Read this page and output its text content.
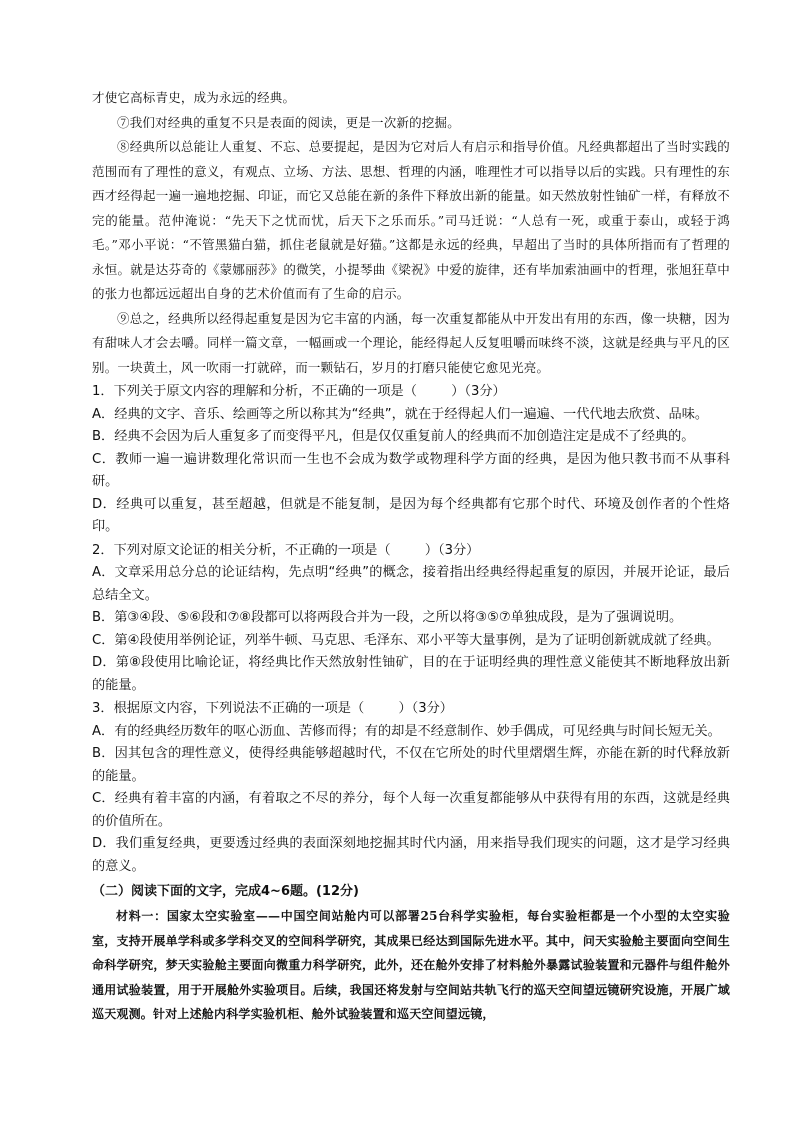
才使它高标青史，成为永远的经典。

⑦我们对经典的重复不只是表面的阅读，更是一次新的挖掘。

⑧经典所以总能让人重复、不忘、总要提起，是因为它对后人有启示和指导价值。凡经典都超出了当时实践的范围而有了理性的意义，有观点、立场、方法、思想、哲理的内涵，唯理性才可以指导以后的实践。只有理性的东西才经得起一遍一遍地挖掘、印证，而它又总能在新的条件下释放出新的能量。如天然放射性铀矿一样，有释放不完的能量。范仲淹说：“先天下之忧而忧，后天下之乐而乐。”司马迁说：“人总有一死，或重于泰山，或轻于鸿毛。”邓小平说：“不管黑猫白猫，抓住老鼠就是好猫。”这都是永远的经典，早超出了当时的具体所指而有了哲理的永恒。就是达芬奇的《蒙娜丽莎》的微笑，小提琴曲《梁祝》中爱的旋律，还有毕加索油画中的哲理，张旭狂草中的张力也都远远超出自身的艺术价值而有了生命的启示。

⑨总之，经典所以经得起重复是因为它丰富的内涵，每一次重复都能从中开发出有用的东西，像一块糖，因为有甜味人才会去嚼。同样一篇文章，一幅画或一个理论，能经得起人反复咀嚼而味终不淡，这就是经典与平凡的区别。一块黄土，风一吹雨一打就碎，而一颗钻石，岁月的打磨只能使它愈见光亮。

1．下列关于原文内容的理解和分析，不正确的一项是（	）（3分）

A．经典的文字、音乐、绘画等之所以称其为“经典”，就在于经得起人们一遍遍、一代代地去欣赏、品味。

B．经典不会因为后人重复多了而变得平凡，但是仅仅重复前人的经典而不加创造注定是成不了经典的。

C．教师一遍一遍讲数理化常识而一生也不会成为数学或物理科学方面的经典，是因为他只教书而不从事科研。

D．经典可以重复，甚至超越，但就是不能复制，是因为每个经典都有它那个时代、环境及创作者的个性烙印。

2．下列对原文论证的相关分析，不正确的一项是（	）（3分）

A．文章采用总分总的论证结构，先点明“经典”的概念，接着指出经典经得起重复的原因，并展开论证，最后总结全文。

B．第③④段、⑤⑥段和⑦⑧段都可以将两段合并为一段，之所以将③⑤⑦单独成段，是为了强调说明。

C．第④段使用举例论证，列举牛顿、马克思、毛泽东、邓小平等大量事例，是为了证明创新就成就了经典。

D．第⑧段使用比喻论证，将经典比作天然放射性铀矿，目的在于证明经典的理性意义能使其不断地释放出新的能量。

3．根据原文内容，下列说法不正确的一项是（	）（3分）

A．有的经典经历数年的呕心沥血、苦修而得；有的却是不经意制作、妙手偶成，可见经典与时间长短无关。

B．因其包含的理性意义，使得经典能够超越时代，不仅在它所处的时代里熠熠生辉，亦能在新的时代释放新的能量。

C．经典有着丰富的内涵，有着取之不尽的养分，每个人每一次重复都能够从中获得有用的东西，这就是经典的价值所在。

D．我们重复经典，更要透过经典的表面深刻地挖掘其时代内涵，用来指导我们现实的问题，这才是学习经典的意义。

（二）阅读下面的文字，完成4~6题。(12分)

材料一：国家太空实验室——中国空间站舱内可以部署25台科学实验柜，每台实验柜都是一个小型的太空实验室，支持开展单学科或多学科交叉的空间科学研究，其成果已经达到国际先进水平。其中，问天实验舱主要面向空间生命科学研究，梦天实验舱主要面向微重力科学研究，此外，还在舱外安排了材料舱外暴露试验装置和元器件与组件舱外通用试验装置，用于开展舱外实验项目。后续，我国还将发射与空间站共轨飞行的巡天空间望远镜研究设施，开展广域巡天观测。针对上述舱内科学实验机柜、舱外试验装置和巡天空间望远镜，
